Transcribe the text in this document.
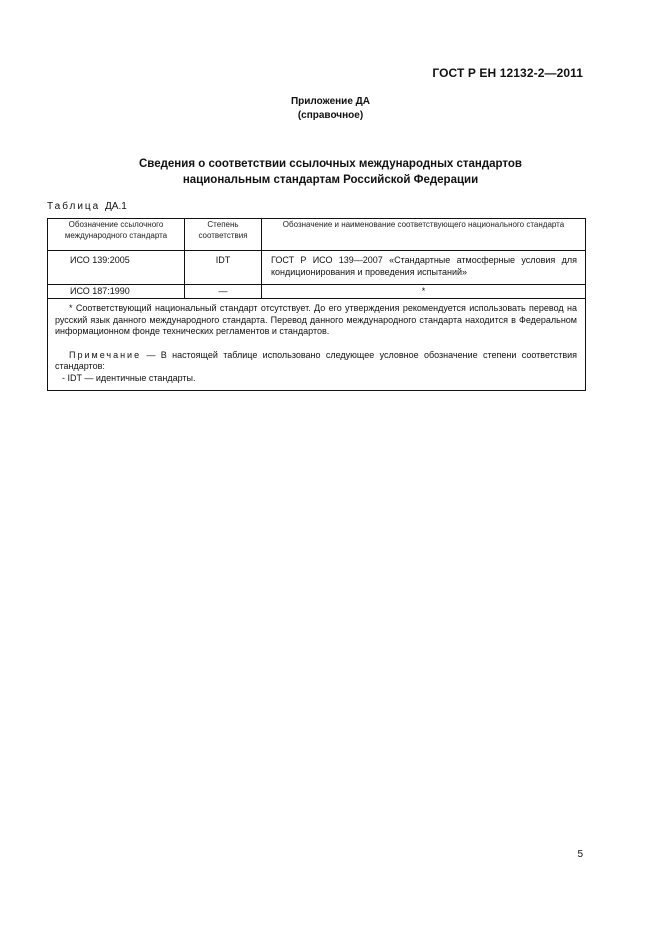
ГОСТ Р ЕН 12132-2—2011
Приложение ДА
(справочное)
Сведения о соответствии ссылочных международных стандартов
национальным стандартам Российской Федерации
Таблица ДА.1
Обозначение ссылочного международного стандарта	Степень соответствия	Обозначение и наименование соответствующего национального стандарта
ИСО 139:2005	IDT	ГОСТ Р ИСО 139—2007 «Стандартные атмосферные условия для кондиционирования и проведения испытаний»
ИСО 187:1990	—	*

* Соответствующий национальный стандарт отсутствует. До его утверждения рекомендуется использовать перевод на русский язык данного международного стандарта. Перевод данного международного стандарта находится в Федеральном информационном фонде технических регламентов и стандартов.

Примечание — В настоящей таблице использовано следующее условное обозначение степени соответствия стандартов:

- IDT — идентичные стандарты.		

5
